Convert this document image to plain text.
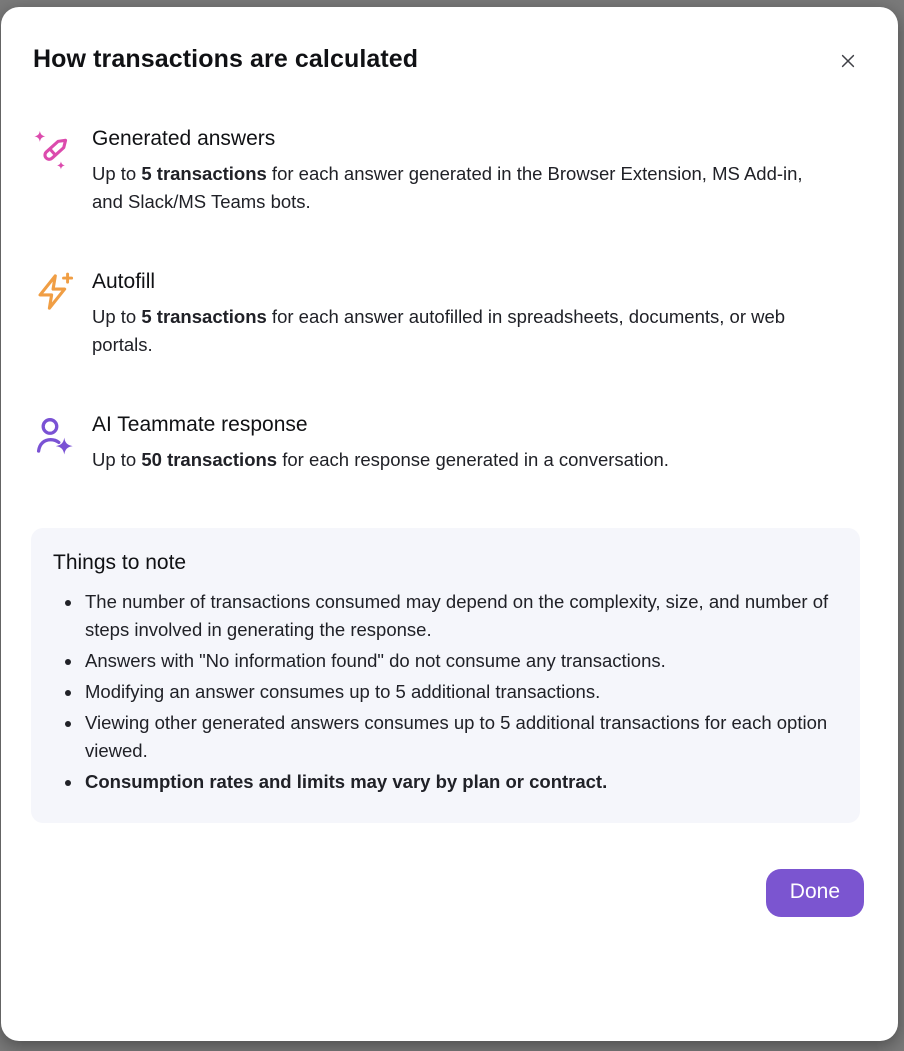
How transactions are calculated
Generated answers

Up to 5 transactions for each answer generated in the Browser Extension, MS Add-in, and Slack/MS Teams bots.

Autofill

Up to 5 transactions for each answer autofilled in spreadsheets, documents, or web portals.

AI Teammate response

Up to 50 transactions for each response generated in a conversation.

Things to note
• The number of transactions consumed may depend on the complexity, size, and number of steps involved in generating the response.
• Answers with "No information found" do not consume any transactions.
• Modifying an answer consumes up to 5 additional transactions.
• Viewing other generated answers consumes up to 5 additional transactions for each option viewed.
• Consumption rates and limits may vary by plan or contract.
Done
